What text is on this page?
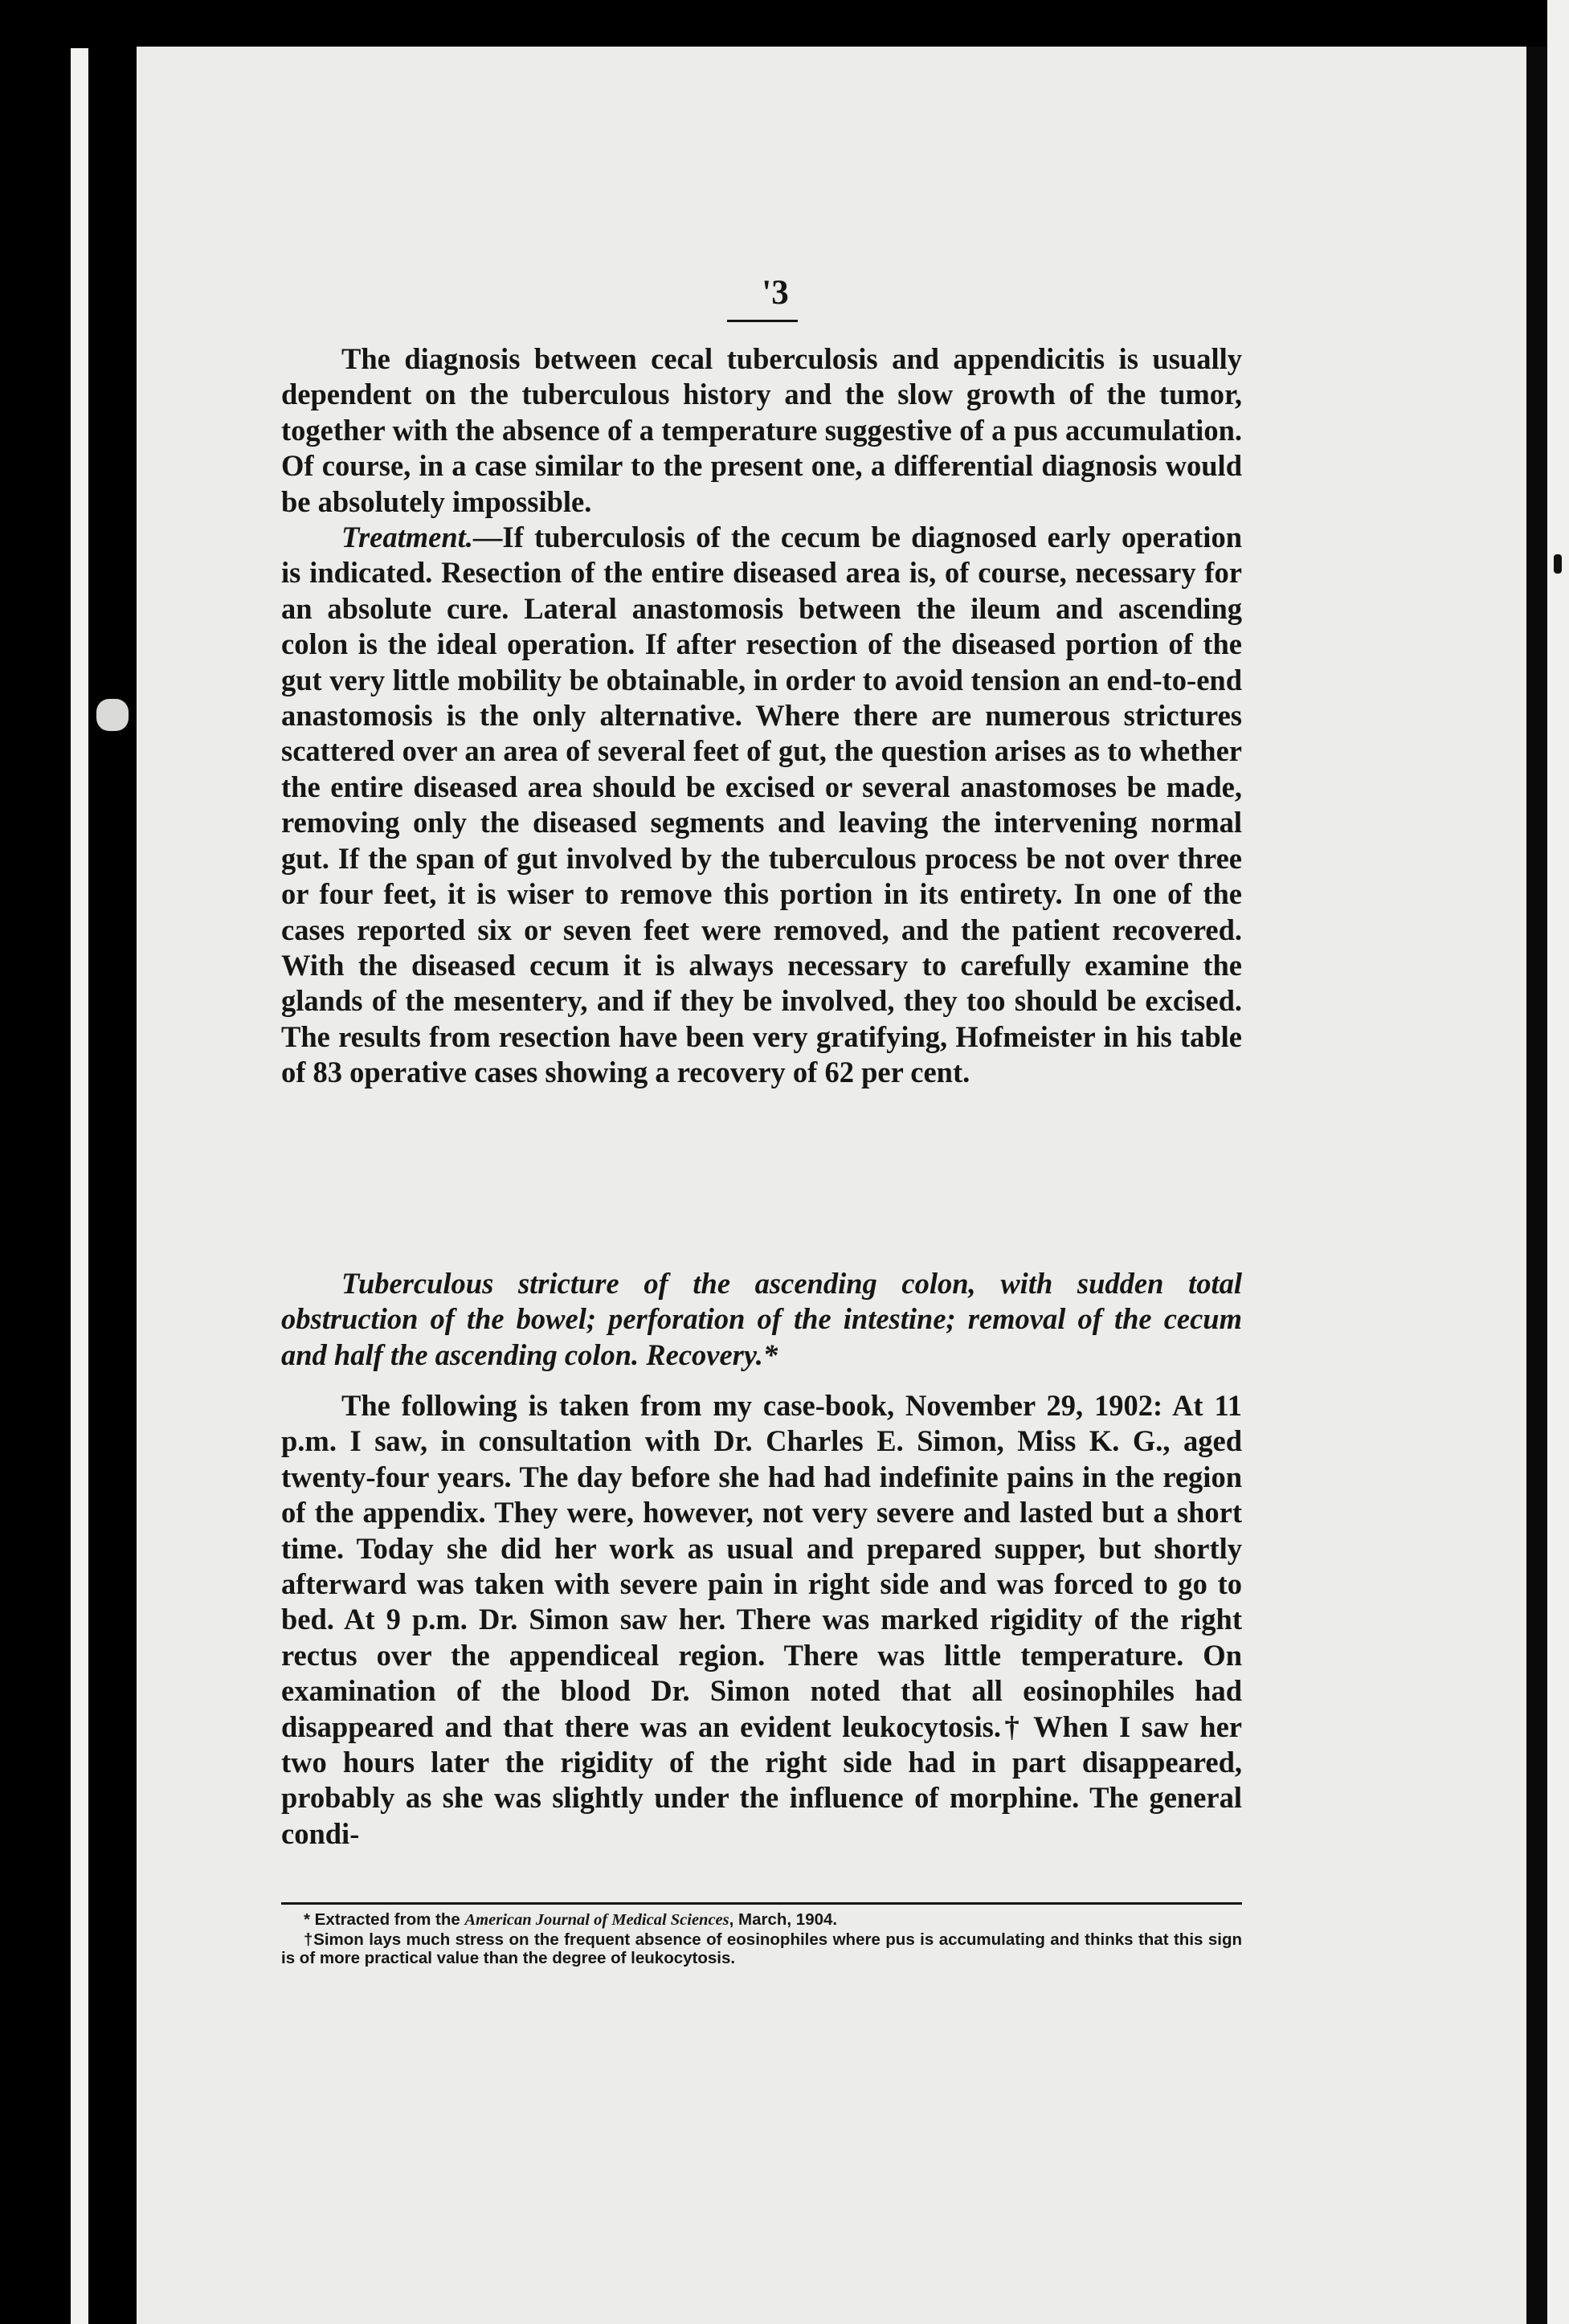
'3

The diagnosis between cecal tuberculosis and appendicitis is usually dependent on the tuberculous history and the slow growth of the tumor, together with the absence of a temperature suggestive of a pus accumulation. Of course, in a case similar to the present one, a differential diagnosis would be absolutely impossible.

Treatment.—If tuberculosis of the cecum be diagnosed early operation is indicated. Resection of the entire diseased area is, of course, necessary for an absolute cure. Lateral anastomosis between the ileum and ascending colon is the ideal operation. If after resection of the diseased portion of the gut very little mobility be obtainable, in order to avoid tension an end-to-end anastomosis is the only alternative. Where there are numerous strictures scattered over an area of several feet of gut, the question arises as to whether the entire diseased area should be excised or several anastomoses be made, removing only the diseased segments and leaving the intervening normal gut. If the span of gut involved by the tuberculous process be not over three or four feet, it is wiser to remove this portion in its entirety. In one of the cases reported six or seven feet were removed, and the patient recovered. With the diseased cecum it is always necessary to carefully examine the glands of the mesentery, and if they be involved, they too should be excised. The results from resection have been very gratifying, Hofmeister in his table of 83 operative cases showing a recovery of 62 per cent.

Tuberculous stricture of the ascending colon, with sudden total obstruction of the bowel; perforation of the intestine; removal of the cecum and half the ascending colon. Recovery.*

The following is taken from my case-book, November 29, 1902: At 11 p.m. I saw, in consultation with Dr. Charles E. Simon, Miss K. G., aged twenty-four years. The day before she had had indefinite pains in the region of the appendix. They were, however, not very severe and lasted but a short time. Today she did her work as usual and prepared supper, but shortly afterward was taken with severe pain in right side and was forced to go to bed. At 9 p.m. Dr. Simon saw her. There was marked rigidity of the right rectus over the appendiceal region. There was little temperature. On examination of the blood Dr. Simon noted that all eosinophiles had disappeared and that there was an evident leukocytosis.† When I saw her two hours later the rigidity of the right side had in part disappeared, probably as she was slightly under the influence of morphine. The general condi-

* Extracted from the American Journal of Medical Sciences, March, 1904.

†Simon lays much stress on the frequent absence of eosinophiles where pus is accumulating and thinks that this sign is of more practical value than the degree of leukocytosis.
